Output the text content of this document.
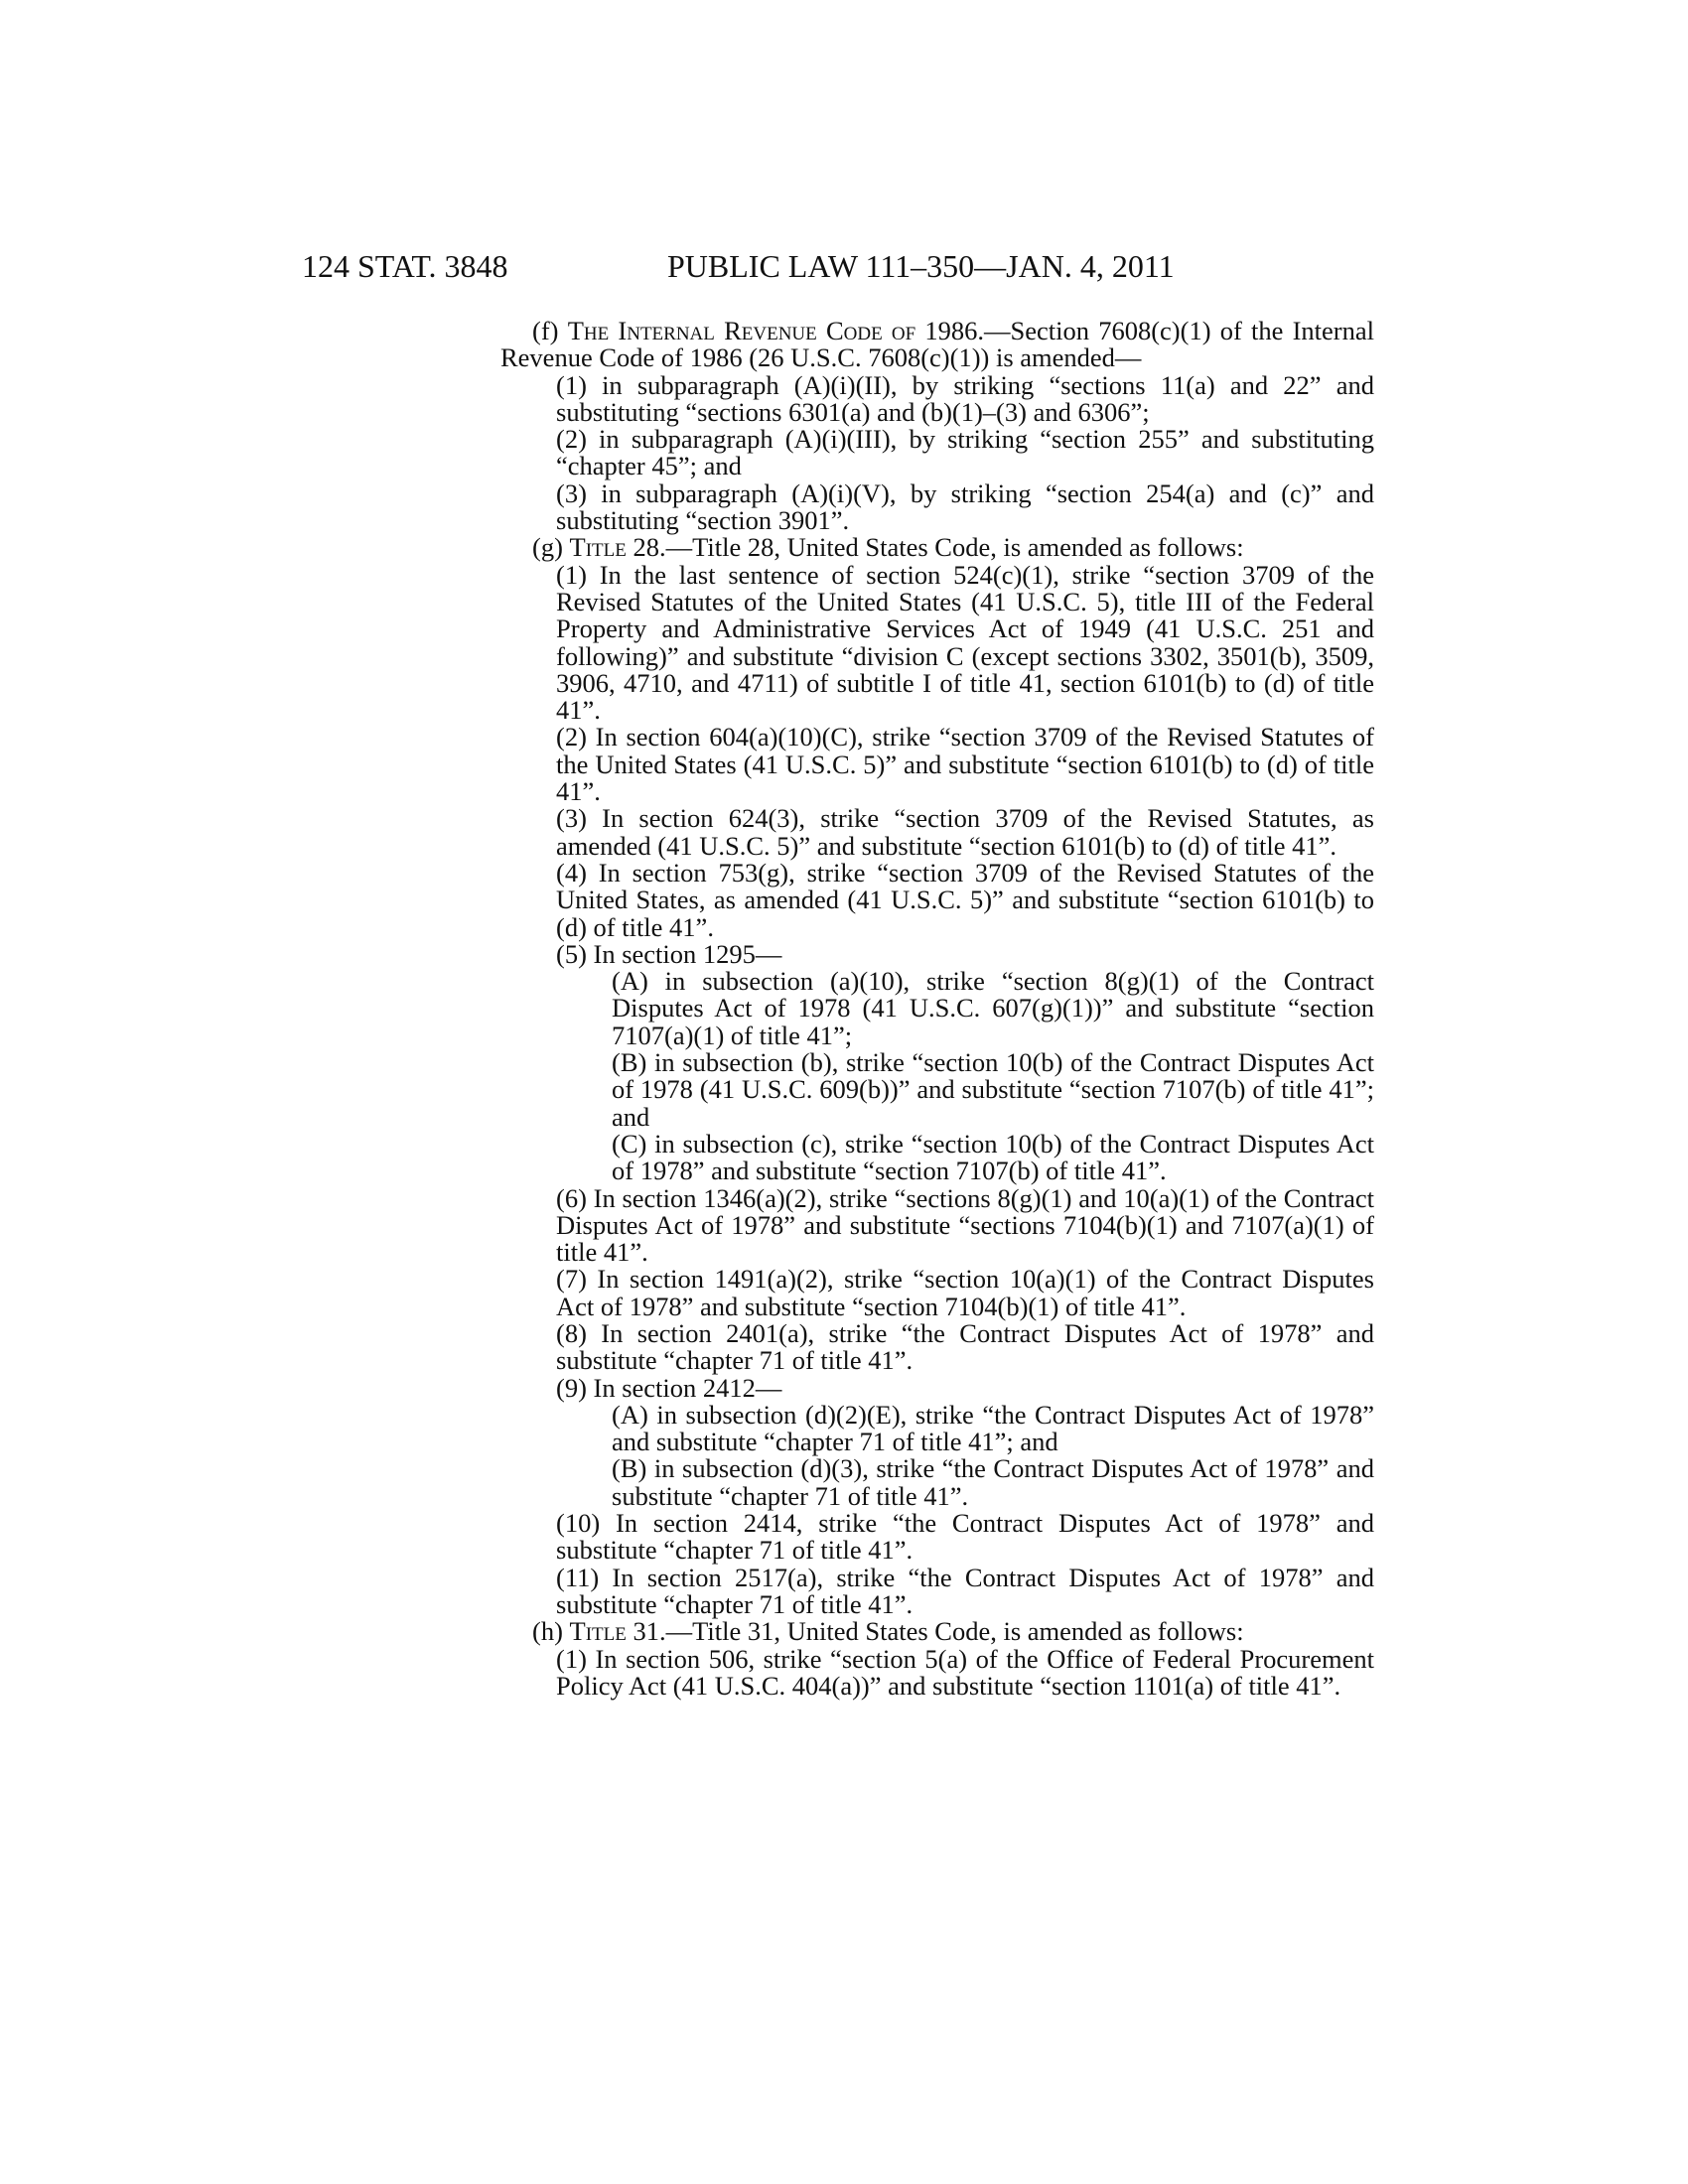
124 STAT. 3848	PUBLIC LAW 111–350—JAN. 4, 2011

(f) The Internal Revenue Code of 1986.—Section 7608(c)(1) of the Internal Revenue Code of 1986 (26 U.S.C. 7608(c)(1)) is amended—

(1) in subparagraph (A)(i)(II), by striking “sections 11(a) and 22” and substituting “sections 6301(a) and (b)(1)–(3) and 6306”;

(2) in subparagraph (A)(i)(III), by striking “section 255” and substituting “chapter 45”; and

(3) in subparagraph (A)(i)(V), by striking “section 254(a) and (c)” and substituting “section 3901”.

(g) Title 28.—Title 28, United States Code, is amended as follows:

(1) In the last sentence of section 524(c)(1), strike “section 3709 of the Revised Statutes of the United States (41 U.S.C. 5), title III of the Federal Property and Administrative Services Act of 1949 (41 U.S.C. 251 and following)” and substitute “division C (except sections 3302, 3501(b), 3509, 3906, 4710, and 4711) of subtitle I of title 41, section 6101(b) to (d) of title 41”.

(2) In section 604(a)(10)(C), strike “section 3709 of the Revised Statutes of the United States (41 U.S.C. 5)” and substitute “section 6101(b) to (d) of title 41”.

(3) In section 624(3), strike “section 3709 of the Revised Statutes, as amended (41 U.S.C. 5)” and substitute “section 6101(b) to (d) of title 41”.

(4) In section 753(g), strike “section 3709 of the Revised Statutes of the United States, as amended (41 U.S.C. 5)” and substitute “section 6101(b) to (d) of title 41”.

(5) In section 1295—

(A) in subsection (a)(10), strike “section 8(g)(1) of the Contract Disputes Act of 1978 (41 U.S.C. 607(g)(1))” and substitute “section 7107(a)(1) of title 41”;

(B) in subsection (b), strike “section 10(b) of the Contract Disputes Act of 1978 (41 U.S.C. 609(b))” and substitute “section 7107(b) of title 41”; and

(C) in subsection (c), strike “section 10(b) of the Contract Disputes Act of 1978” and substitute “section 7107(b) of title 41”.

(6) In section 1346(a)(2), strike “sections 8(g)(1) and 10(a)(1) of the Contract Disputes Act of 1978” and substitute “sections 7104(b)(1) and 7107(a)(1) of title 41”.

(7) In section 1491(a)(2), strike “section 10(a)(1) of the Contract Disputes Act of 1978” and substitute “section 7104(b)(1) of title 41”.

(8) In section 2401(a), strike “the Contract Disputes Act of 1978” and substitute “chapter 71 of title 41”.

(9) In section 2412—

(A) in subsection (d)(2)(E), strike “the Contract Disputes Act of 1978” and substitute “chapter 71 of title 41”; and

(B) in subsection (d)(3), strike “the Contract Disputes Act of 1978” and substitute “chapter 71 of title 41”.

(10) In section 2414, strike “the Contract Disputes Act of 1978” and substitute “chapter 71 of title 41”.

(11) In section 2517(a), strike “the Contract Disputes Act of 1978” and substitute “chapter 71 of title 41”.

(h) Title 31.—Title 31, United States Code, is amended as follows:

(1) In section 506, strike “section 5(a) of the Office of Federal Procurement Policy Act (41 U.S.C. 404(a))” and substitute “section 1101(a) of title 41”.
